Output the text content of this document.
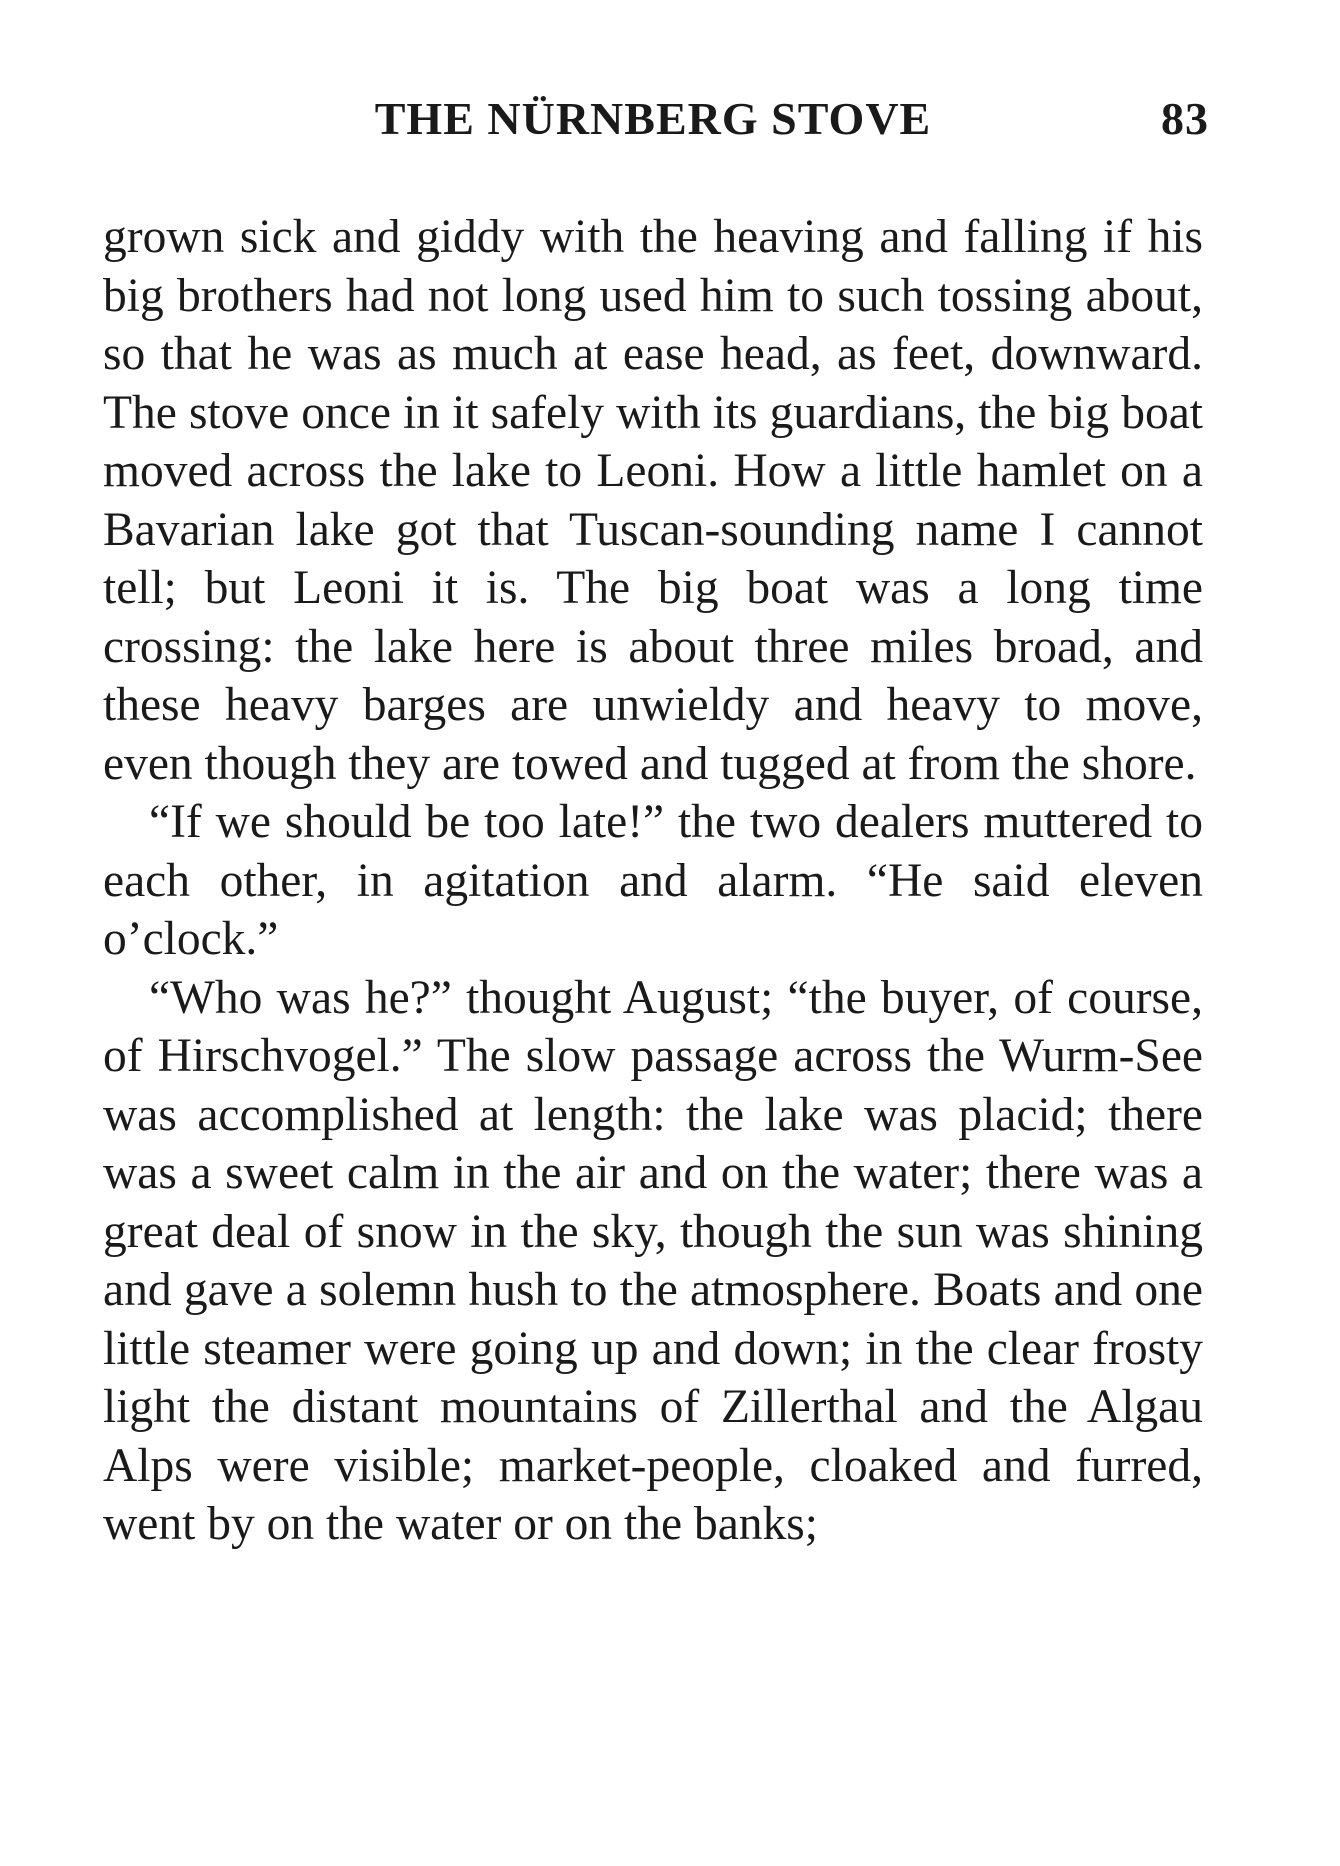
THE NÜRNBERG STOVE	83

grown sick and giddy with the heaving and falling if his big brothers had not long used him to such tossing about, so that he was as much at ease head, as feet, downward. The stove once in it safely with its guardians, the big boat moved across the lake to Leoni. How a little hamlet on a Bavarian lake got that Tuscan-sounding name I cannot tell; but Leoni it is. The big boat was a long time crossing: the lake here is about three miles broad, and these heavy barges are unwieldy and heavy to move, even though they are towed and tugged at from the shore.

“If we should be too late!” the two dealers muttered to each other, in agitation and alarm. “He said eleven o’clock.”

“Who was he?” thought August; “the buyer, of course, of Hirschvogel.” The slow passage across the Wurm-See was accomplished at length: the lake was placid; there was a sweet calm in the air and on the water; there was a great deal of snow in the sky, though the sun was shining and gave a solemn hush to the atmosphere. Boats and one little steamer were going up and down; in the clear frosty light the distant mountains of Zillerthal and the Algau Alps were visible; market-people, cloaked and furred, went by on the water or on the banks;
